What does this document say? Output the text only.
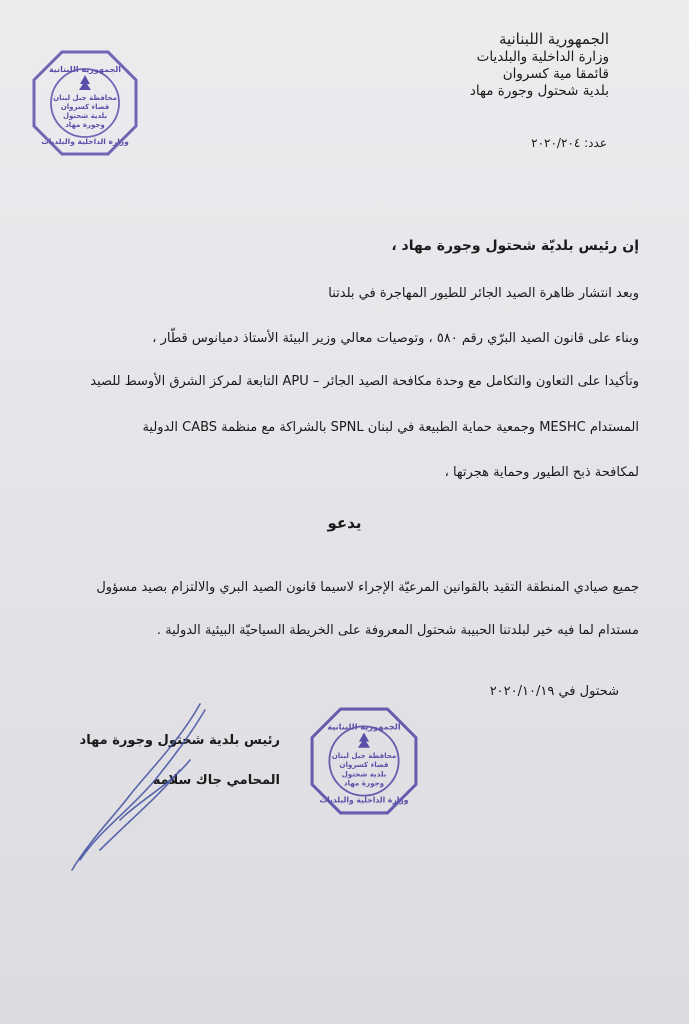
الجمهورية اللبنانية
وزارة الداخلية والبلديات
محافظة جبل لبنان
قضاء كسروان
بلدية شحتول
وجورة مهاد
الجمهورية اللبنانية
وزارة الداخلية والبلديات
قائمقا مية كسروان
بلدية شحتول وجورة مهاد
عدد: ٢٠٢٠/٢٠٤
إن رئيس بلديّة شحتول وجورة مهاد ،
وبعد انتشار ظاهرة الصيد الجائر للطيور المهاجرة في بلدتنا
وبناء على قانون الصيد البرّي رقم ٥٨٠ ، وتوصيات معالي وزير البيئة الأستاذ دميانوس قطّار ،
وتأكيدا على التعاون والتكامل مع وحدة مكافحة الصيد الجائر – APU التابعة لمركز الشرق الأوسط للصيد
المستدام MESHC وجمعية حماية الطبيعة في لبنان SPNL بالشراكة مع منظمة CABS الدولية
لمكافحة ذبح الطيور وحماية هجرتها ،
يدعو
جميع صيادي المنطقة التقيد بالقوانين المرعيّة الإجراء لاسيما قانون الصيد البري والالتزام بصيد مسؤول
مستدام لما فيه خير لبلدتنا الحبيبة شحتول المعروفة على الخريطة السياحيّة البيئية الدولية .
شحتول في ٢٠٢٠/١٠/١٩
رئيس بلدية شحتول وجورة مهاد
المحامي جاك سلامه
الجمهورية اللبنانية
وزارة الداخلية والبلديات
محافظة جبل لبنان
قضاء كسروان
بلدية شحتول
وجورة مهاد
